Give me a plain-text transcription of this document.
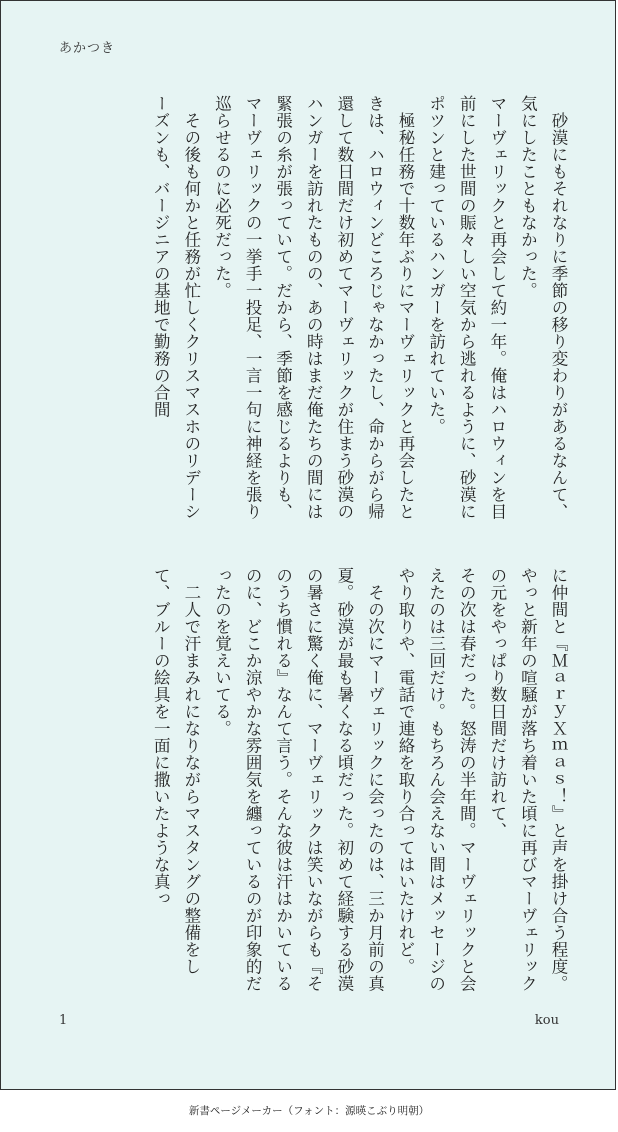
あかつき

砂漠にもそれなりに季節の移り変わりがあるなんて、気にしたこともなかった。

マーヴェリックと再会して約一年。俺はハロウィンを目前にした世間の賑々しい空気から逃れるように、砂漠にポツンと建っているハンガーを訪れていた。

極秘任務で十数年ぶりにマーヴェリックと再会したときは、ハロウィンどころじゃなかったし、命からがら帰還して数日間だけ初めてマーヴェリックが住まう砂漠のハンガーを訪れたものの、あの時はまだ俺たちの間には緊張の糸が張っていて。だから、季節を感じるよりも、マーヴェリックの一挙手一投足、一言一句に神経を張り巡らせるのに必死だった。

その後も何かと任務が忙しくクリスマスホのリデーシーズンも、バージニアの基地で勤務の合間

に仲間と『ＭａｒｙＸｍａｓ！』と声を掛け合う程度。やっと新年の喧騒が落ち着いた頃に再びマーヴェリックの元をやっぱり数日間だけ訪れて、

その次は春だった。怒涛の半年間。マーヴェリックと会えたのは三回だけ。もちろん会えない間はメッセージのやり取りや、電話で連絡を取り合ってはいたけれど。

その次にマーヴェリックに会ったのは、三か月前の真夏。砂漠が最も暑くなる頃だった。初めて経験する砂漠の暑さに驚く俺に、マーヴェリックは笑いながらも『そのうち慣れる』なんて言う。そんな彼は汗はかいているのに、どこか涼やかな雰囲気を纏っているのが印象的だったのを覚えいてる。

二人で汗まみれになりながらマスタングの整備をして、ブルーの絵具を一面に撒いたような真っ

1	kou
新書ページメーカー（フォント：源暎こぶり明朝）
